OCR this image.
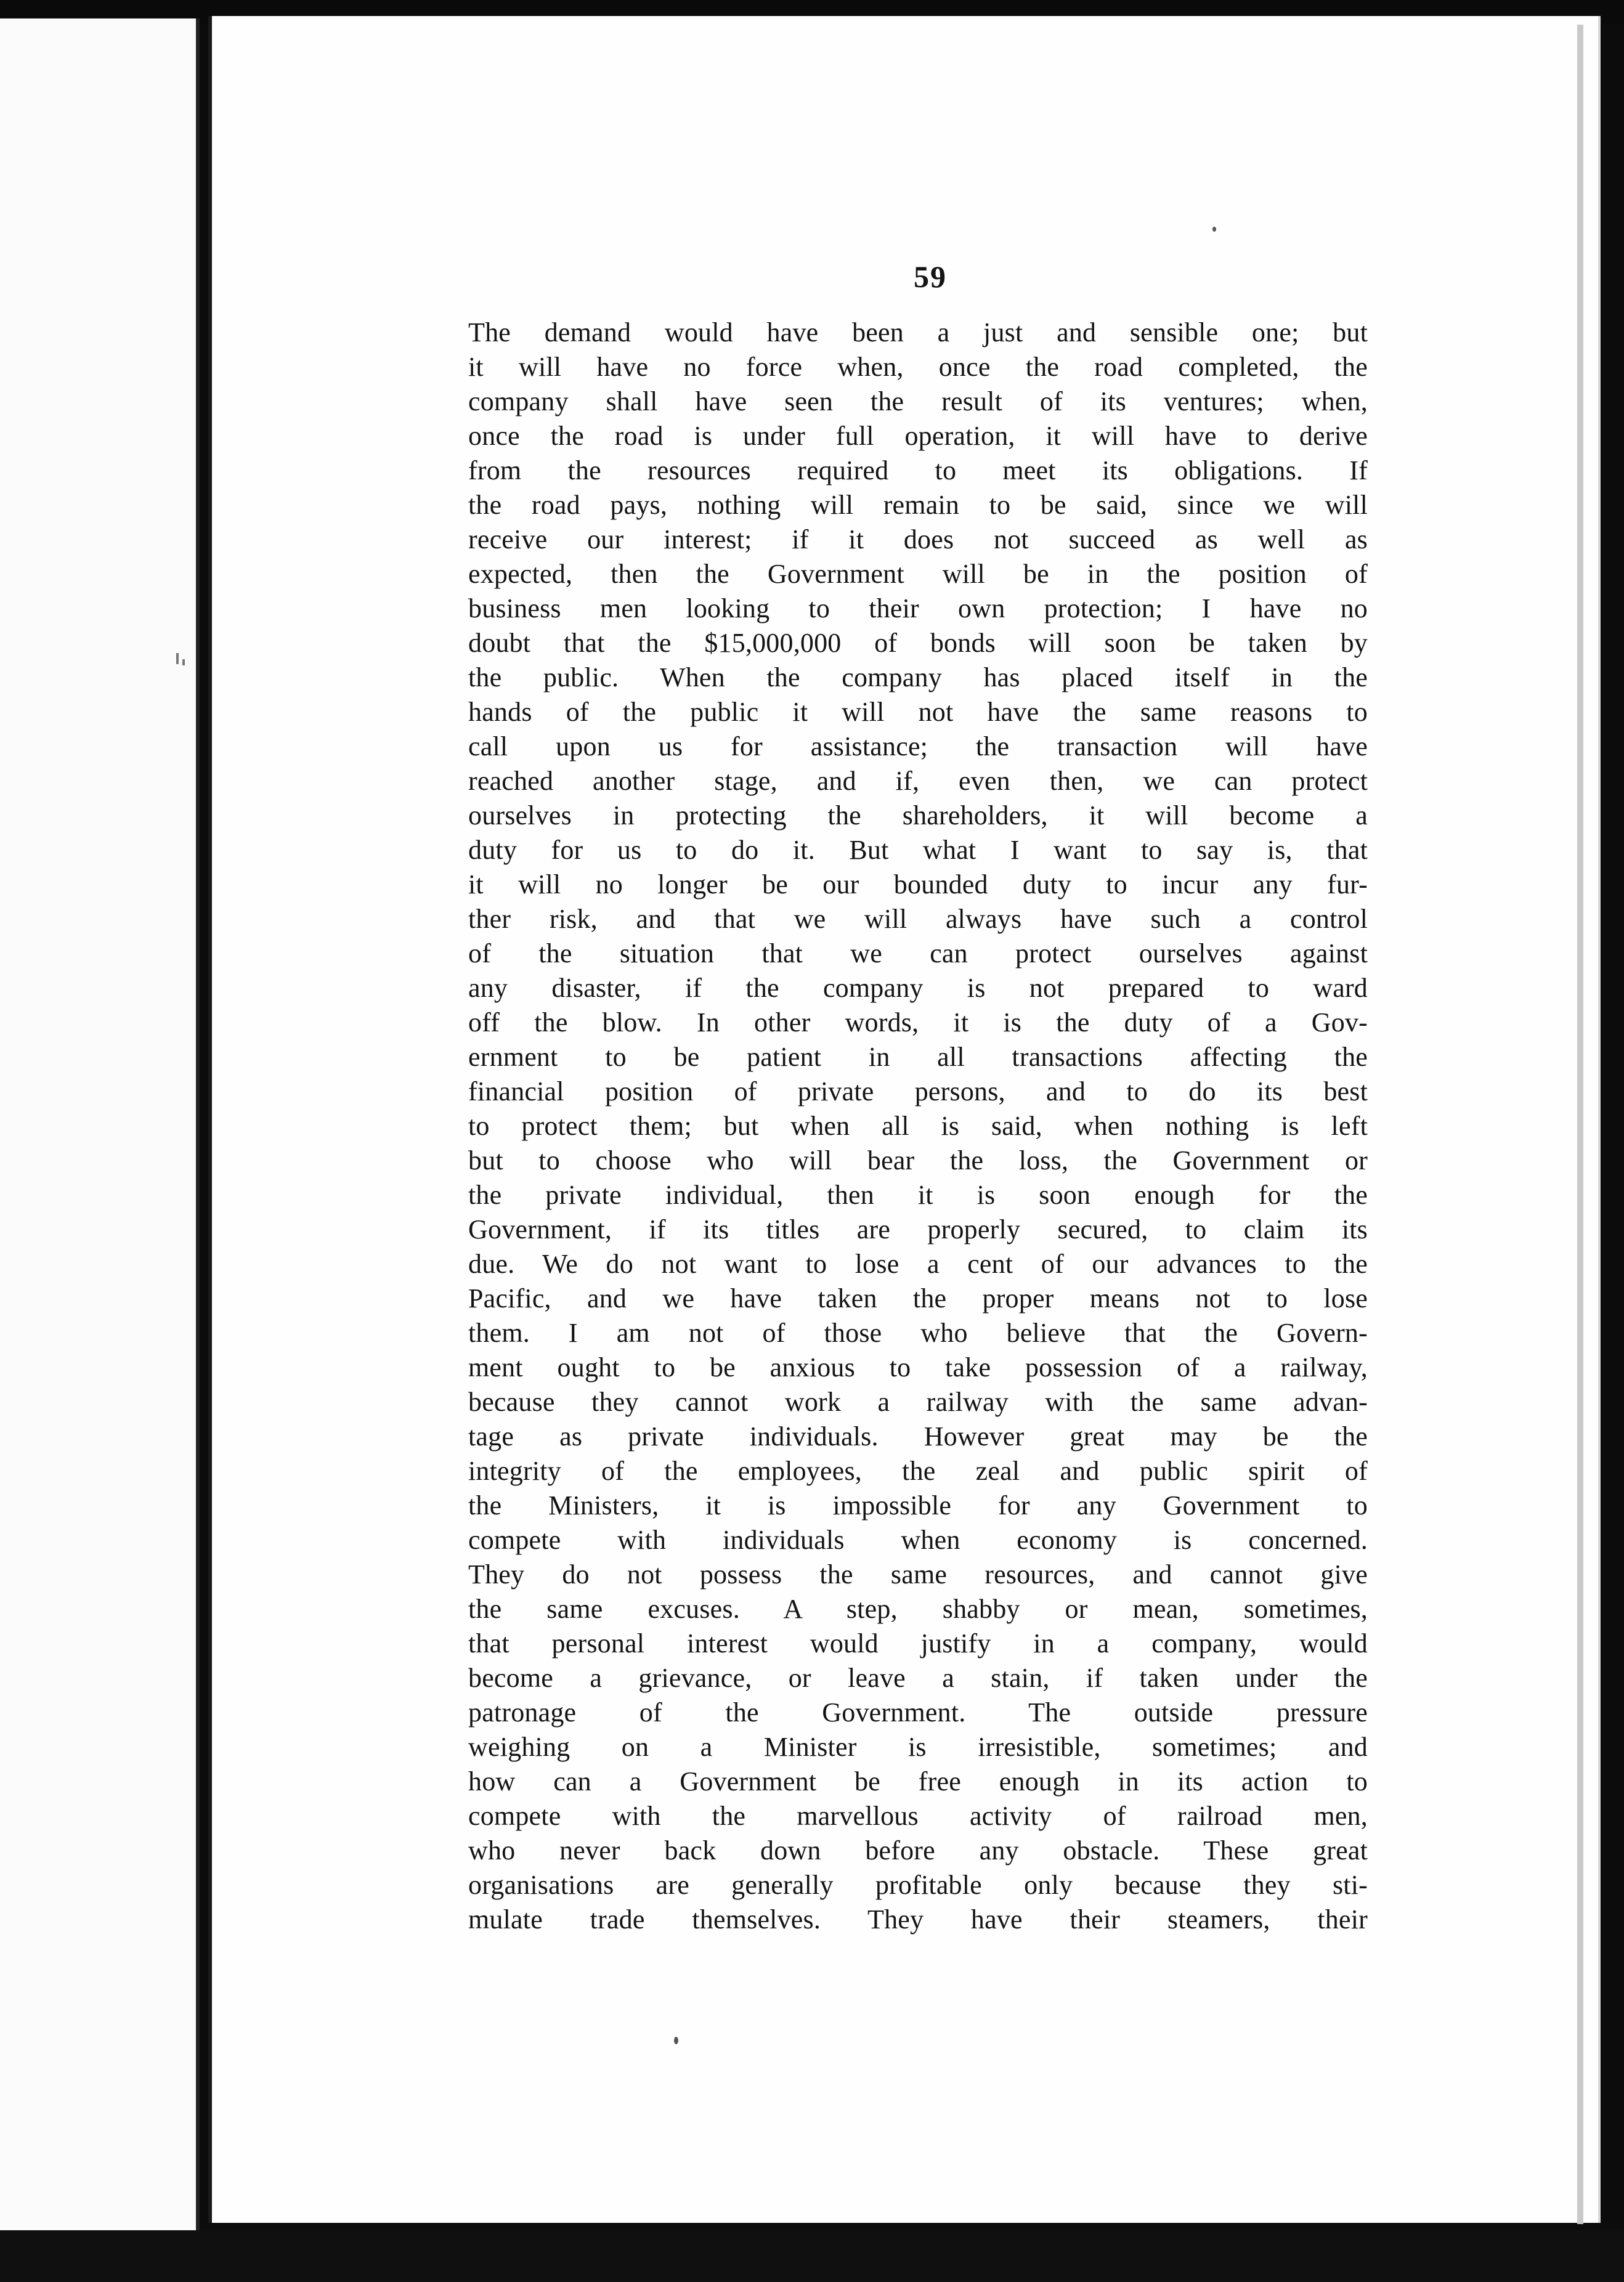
59
The demand would have been a just and sensible one; but
it will have no force when, once the road completed, the
company shall have seen the result of its ventures; when,
once the road is under full operation, it will have to derive
from the resources required to meet its obligations. If
the road pays, nothing will remain to be said, since we will
receive our interest; if it does not succeed as well as
expected, then the Government will be in the position of
business men looking to their own protection; I have no
doubt that the $15,000,000 of bonds will soon be taken by
the public. When the company has placed itself in the
hands of the public it will not have the same reasons to
call upon us for assistance; the transaction will have
reached another stage, and if, even then, we can protect
ourselves in protecting the shareholders, it will become a
duty for us to do it. But what I want to say is, that
it will no longer be our bounded duty to incur any fur-
ther risk, and that we will always have such a control
of the situation that we can protect ourselves against
any disaster, if the company is not prepared to ward
off the blow. In other words, it is the duty of a Gov-
ernment to be patient in all transactions affecting the
financial position of private persons, and to do its best
to protect them; but when all is said, when nothing is left
but to choose who will bear the loss, the Government or
the private individual, then it is soon enough for the
Government, if its titles are properly secured, to claim its
due. We do not want to lose a cent of our advances to the
Pacific, and we have taken the proper means not to lose
them. I am not of those who believe that the Govern-
ment ought to be anxious to take possession of a railway,
because they cannot work a railway with the same advan-
tage as private individuals. However great may be the
integrity of the employees, the zeal and public spirit of
the Ministers, it is impossible for any Government to
compete with individuals when economy is concerned.
They do not possess the same resources, and cannot give
the same excuses. A step, shabby or mean, sometimes,
that personal interest would justify in a company, would
become a grievance, or leave a stain, if taken under the
patronage of the Government. The outside pressure
weighing on a Minister is irresistible, sometimes; and
how can a Government be free enough in its action to
compete with the marvellous activity of railroad men,
who never back down before any obstacle. These great
organisations are generally profitable only because they sti-
mulate trade themselves. They have their steamers, their
